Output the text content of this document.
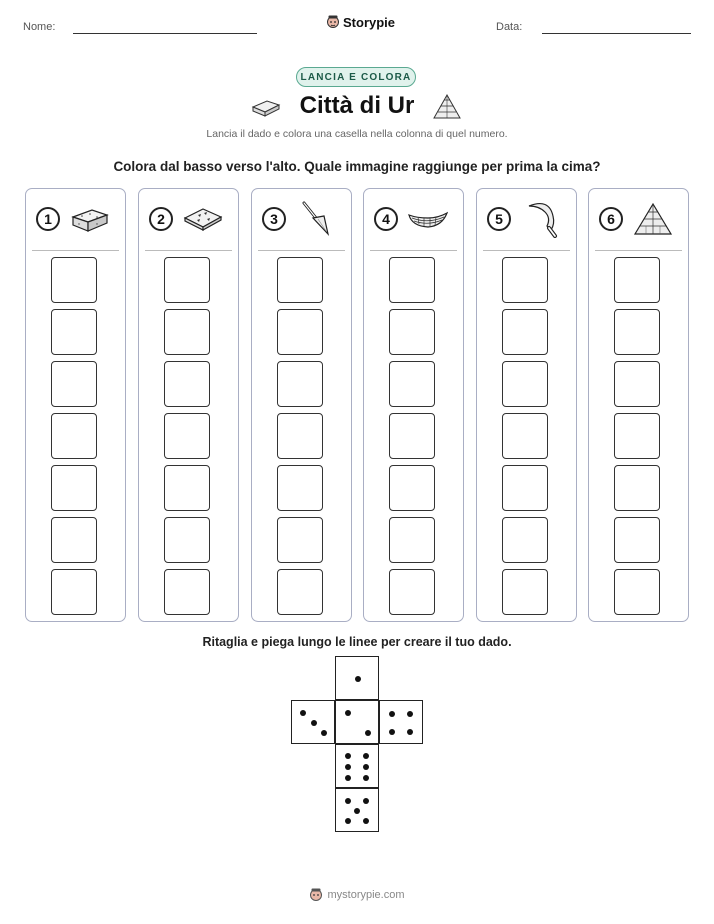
Nome:	Storypie	Data:
LANCIA E COLORA
Città di Ur
Lancia il dado e colora una casella nella colonna di quel numero.
Colora dal basso verso l'alto. Quale immagine raggiunge per prima la cima?
1	2	3	4	5	6
Ritaglia e piega lungo le linee per creare il tuo dado.
mystorypie.com
